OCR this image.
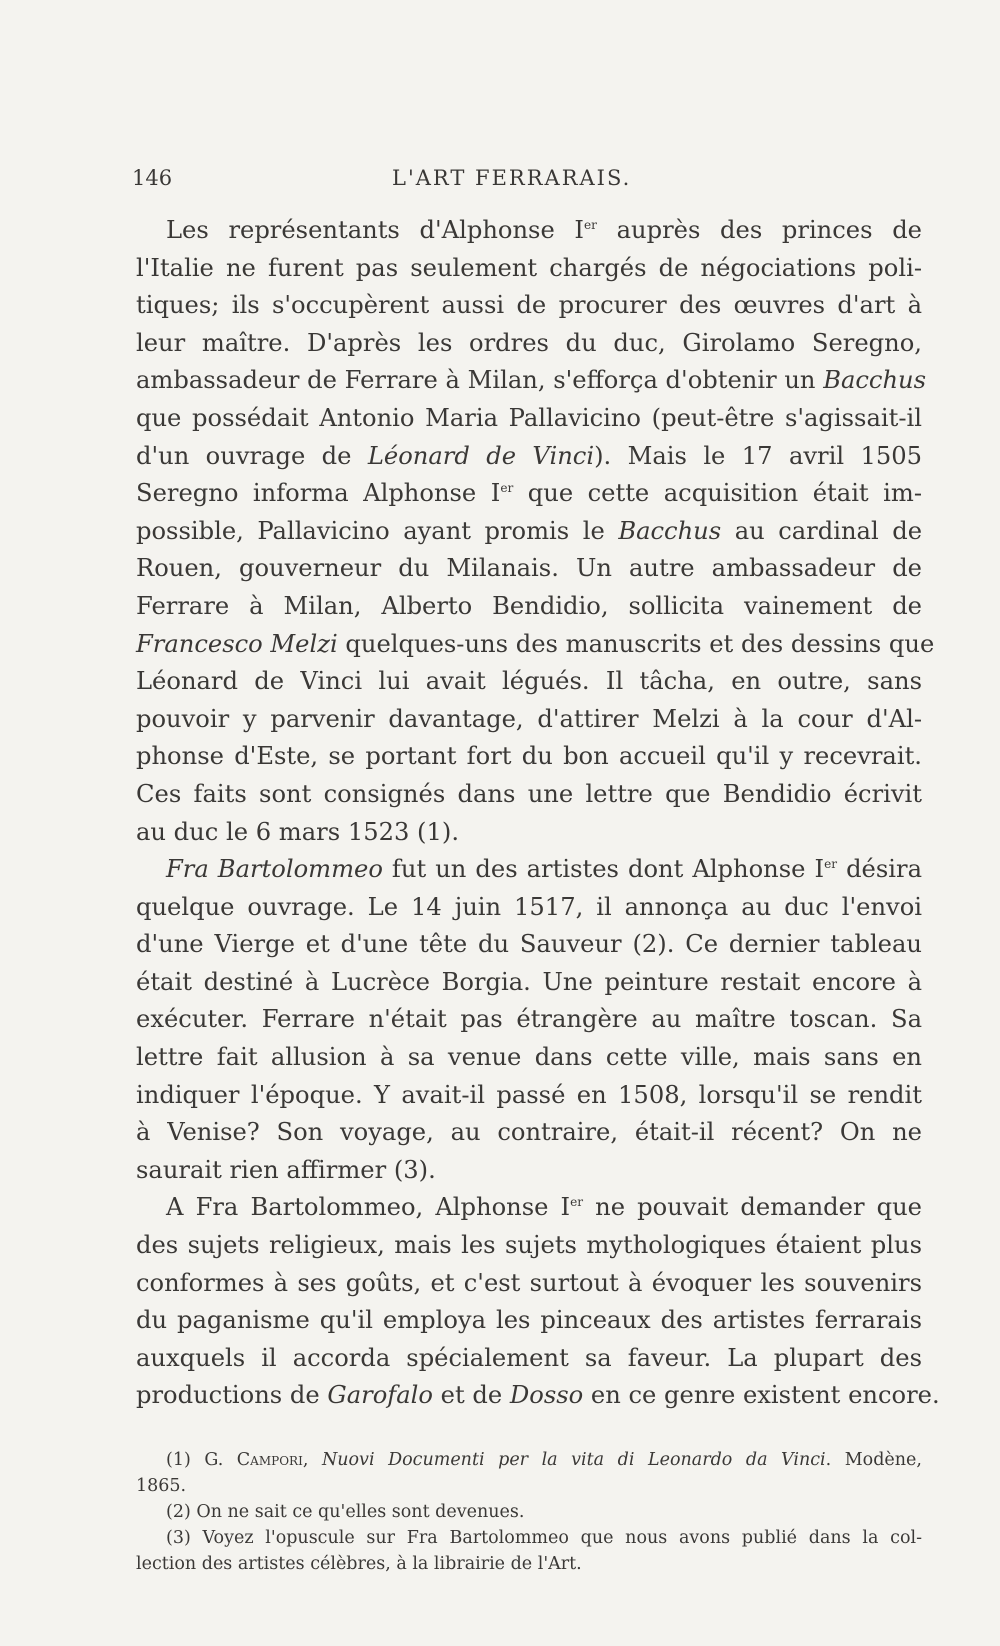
146	L'ART FERRARAIS.
Les représentants d'Alphonse Ier auprès des princes de
l'Italie ne furent pas seulement chargés de négociations poli-
tiques; ils s'occupèrent aussi de procurer des œuvres d'art à
leur maître. D'après les ordres du duc, Girolamo Seregno,
ambassadeur de Ferrare à Milan, s'efforça d'obtenir un Bacchus
que possédait Antonio Maria Pallavicino (peut-être s'agissait-il
d'un ouvrage de Léonard de Vinci). Mais le 17 avril 1505
Seregno informa Alphonse Ier que cette acquisition était im-
possible, Pallavicino ayant promis le Bacchus au cardinal de
Rouen, gouverneur du Milanais. Un autre ambassadeur de
Ferrare à Milan, Alberto Bendidio, sollicita vainement de
Francesco Melzi quelques-uns des manuscrits et des dessins que
Léonard de Vinci lui avait légués. Il tâcha, en outre, sans
pouvoir y parvenir davantage, d'attirer Melzi à la cour d'Al-
phonse d'Este, se portant fort du bon accueil qu'il y recevrait.
Ces faits sont consignés dans une lettre que Bendidio écrivit
au duc le 6 mars 1523 (1).
Fra Bartolommeo fut un des artistes dont Alphonse Ier désira
quelque ouvrage. Le 14 juin 1517, il annonça au duc l'envoi
d'une Vierge et d'une tête du Sauveur (2). Ce dernier tableau
était destiné à Lucrèce Borgia. Une peinture restait encore à
exécuter. Ferrare n'était pas étrangère au maître toscan. Sa
lettre fait allusion à sa venue dans cette ville, mais sans en
indiquer l'époque. Y avait-il passé en 1508, lorsqu'il se rendit
à Venise? Son voyage, au contraire, était-il récent? On ne
saurait rien affirmer (3).
A Fra Bartolommeo, Alphonse Ier ne pouvait demander que
des sujets religieux, mais les sujets mythologiques étaient plus
conformes à ses goûts, et c'est surtout à évoquer les souvenirs
du paganisme qu'il employa les pinceaux des artistes ferrarais
auxquels il accorda spécialement sa faveur. La plupart des
productions de Garofalo et de Dosso en ce genre existent encore.
(1) G. Campori, Nuovi Documenti per la vita di Leonardo da Vinci. Modène,
1865.
(2) On ne sait ce qu'elles sont devenues.
(3) Voyez l'opuscule sur Fra Bartolommeo que nous avons publié dans la col-
lection des artistes célèbres, à la librairie de l'Art.
